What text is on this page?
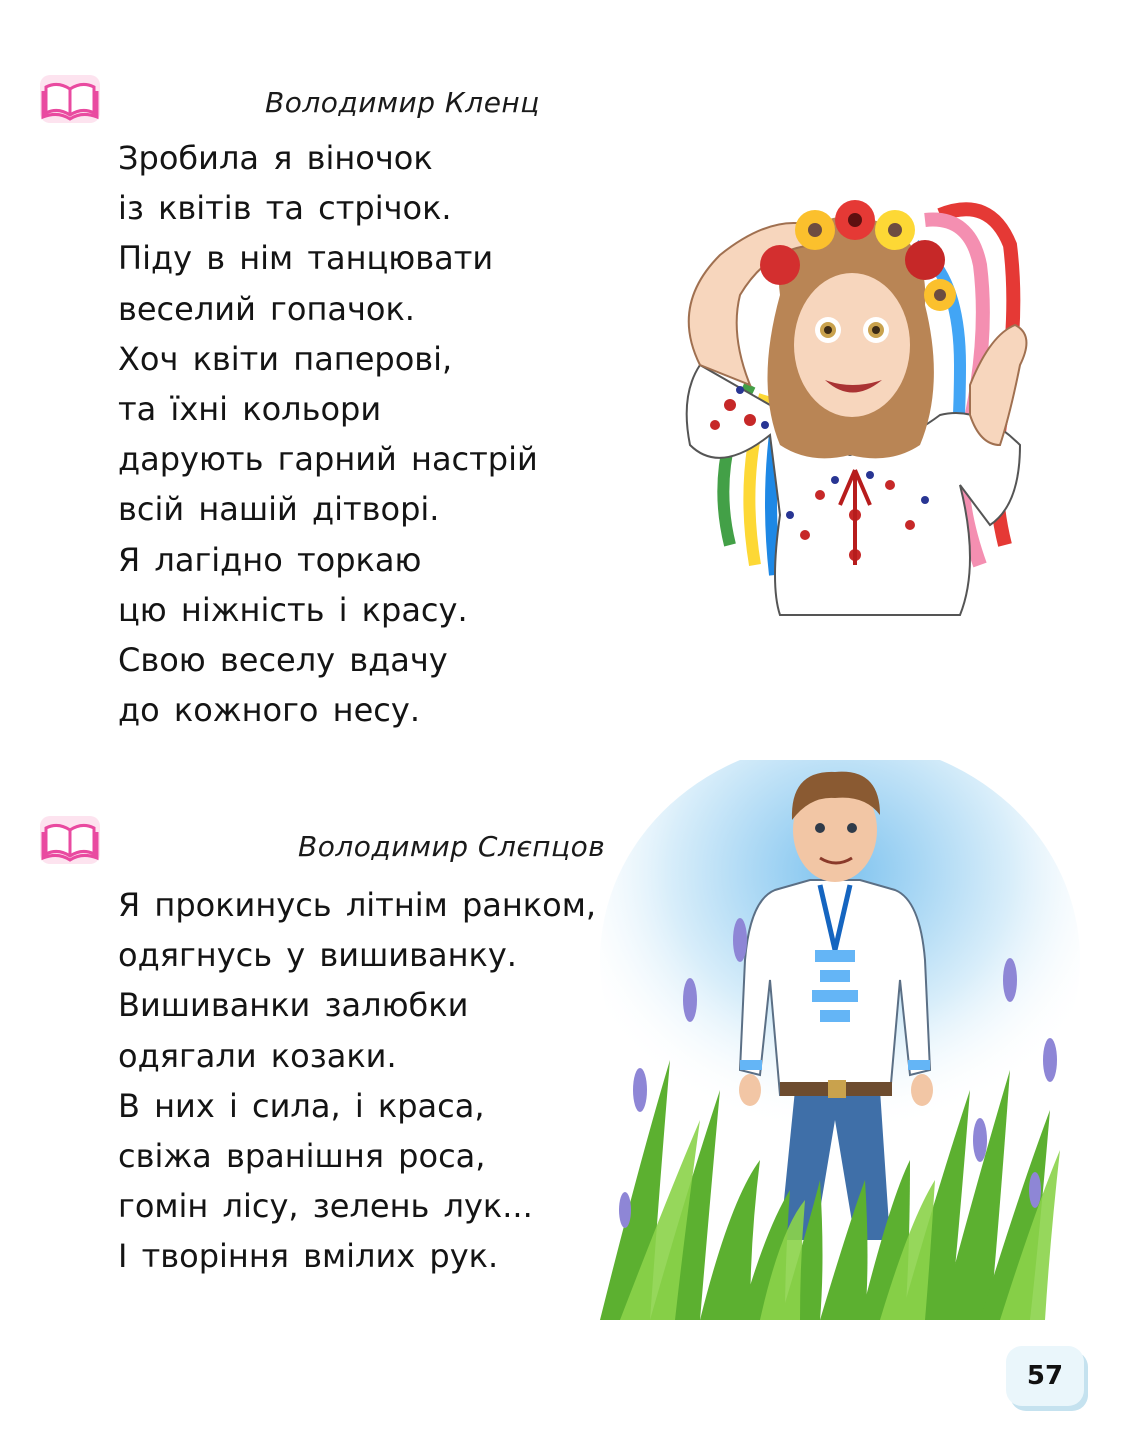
Володимир Кленц
Зробила я віночок
із квітів та стрічок.
Піду в нім танцювати
веселий гопачок.
Хоч квіти паперові,
та їхні кольори
дарують гарний настрій
всій нашій дітворі.
Я лагідно торкаю
цю ніжність і красу.
Свою веселу вдачу
до кожного несу.
Володимир Слєпцов
Я прокинусь літнім ранком,
одягнусь у вишиванку.
Вишиванки залюбки
одягали козаки.
В них і сила, і краса,
свіжа вранішня роса,
гомін лісу, зелень лук...
І творіння вмілих рук.
57
